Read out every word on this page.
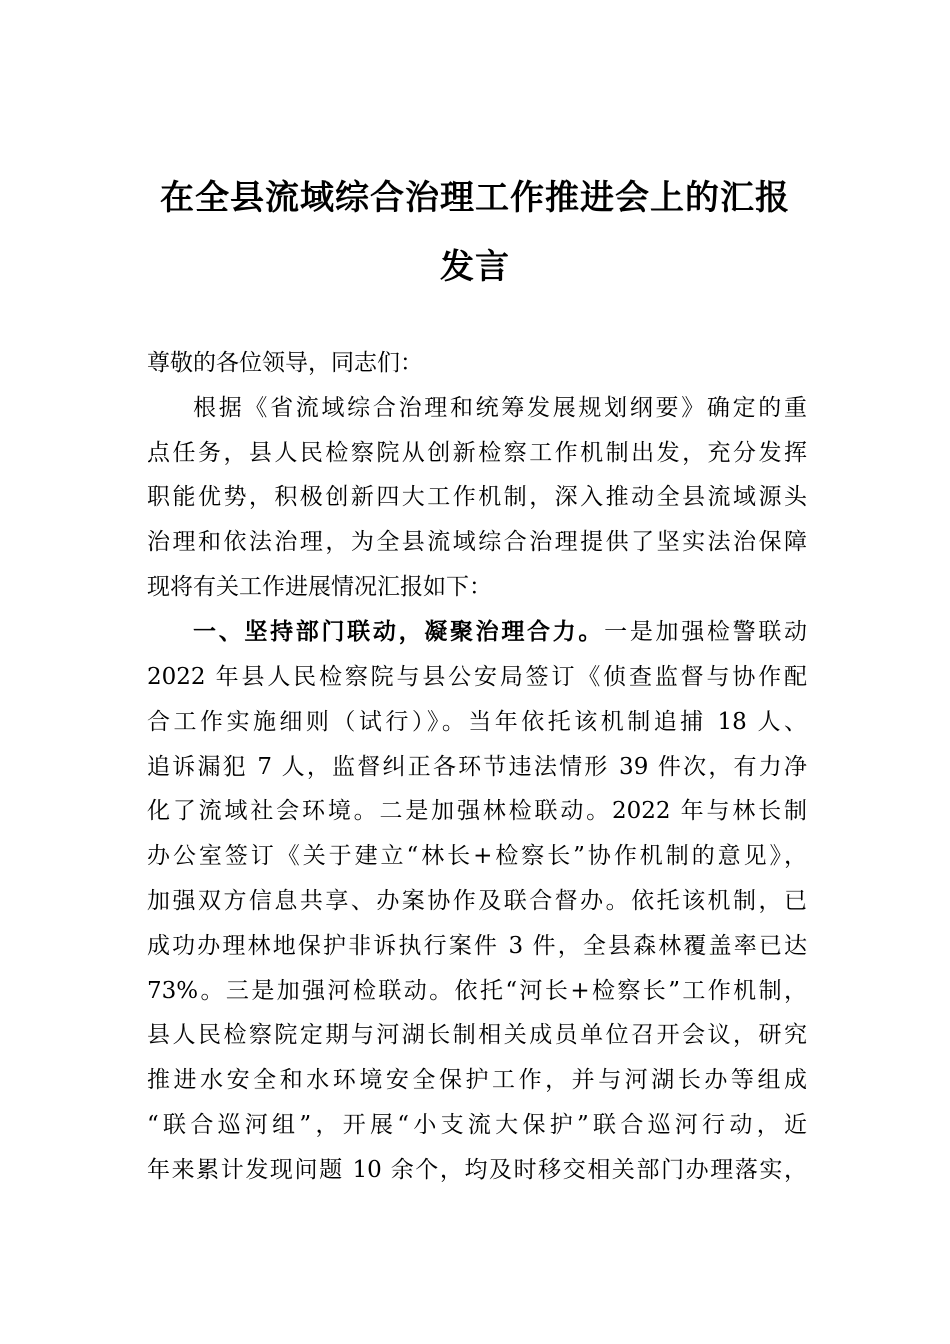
在全县流域综合治理工作推进会上的汇报
发言
尊敬的各位领导，同志们：
根据《省流域综合治理和统筹发展规划纲要》确定的重
点任务，县人民检察院从创新检察工作机制出发，充分发挥
职能优势，积极创新四大工作机制，深入推动全县流域源头
治理和依法治理，为全县流域综合治理提供了坚实法治保障
现将有关工作进展情况汇报如下：
一、坚持部门联动，凝聚治理合力。一是加强检警联动
2022 年县人民检察院与县公安局签订《侦查监督与协作配
合工作实施细则（试行）》。当年依托该机制追捕 18 人、
追诉漏犯 7 人，监督纠正各环节违法情形 39 件次，有力净
化了流域社会环境。二是加强林检联动。2022 年与林长制
办公室签订《关于建立“林长+检察长”协作机制的意见》，
加强双方信息共享、办案协作及联合督办。依托该机制，已
成功办理林地保护非诉执行案件 3 件，全县森林覆盖率已达
73%。三是加强河检联动。依托“河长+检察长”工作机制，
县人民检察院定期与河湖长制相关成员单位召开会议，研究
推进水安全和水环境安全保护工作，并与河湖长办等组成
“联合巡河组”，开展“小支流大保护”联合巡河行动，近
年来累计发现问题 10 余个，均及时移交相关部门办理落实，
